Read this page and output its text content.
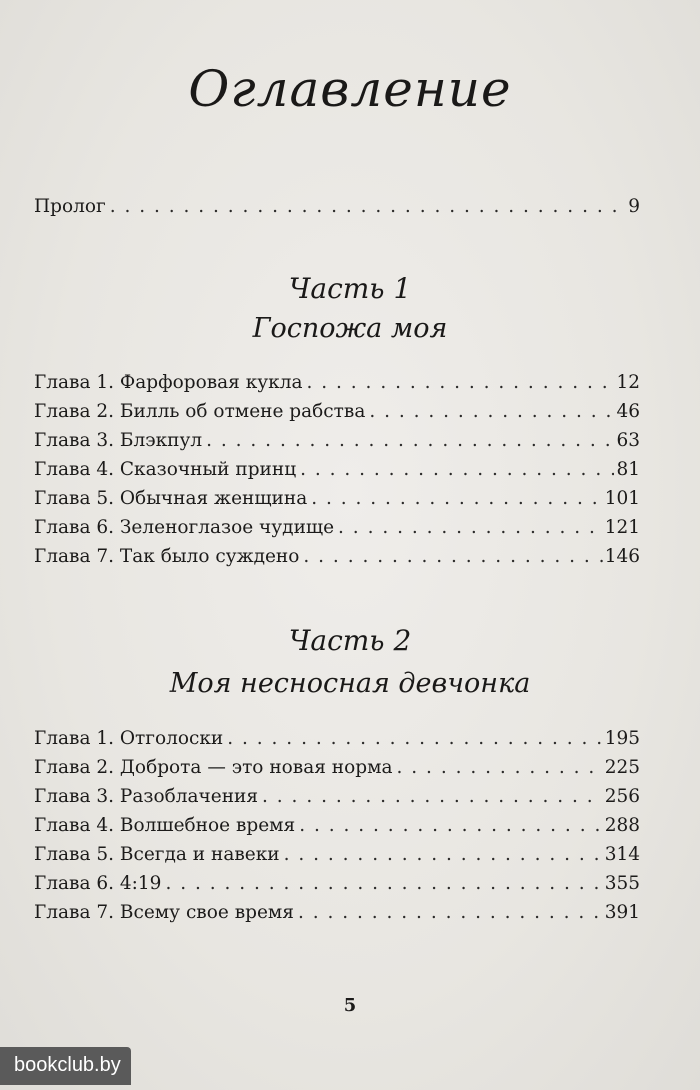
Оглавление
Пролог . . .	9
Часть 1
Госпожа моя
Глава 1. Фарфоровая кукла . . .	12
Глава 2. Билль об отмене рабства . . .	46
Глава 3. Блэкпул . . .	63
Глава 4. Сказочный принц . . .	81
Глава 5. Обычная женщина . . .	101
Глава 6. Зеленоглазое чудище . . .	121
Глава 7. Так было суждено . . .	146
Часть 2
Моя несносная девчонка
Глава 1. Отголоски . . .	195
Глава 2. Доброта — это новая норма . . .	225
Глава 3. Разоблачения . . .	256
Глава 4. Волшебное время . . .	288
Глава 5. Всегда и навеки . . .	314
Глава 6. 4:19 . . .	355
Глава 7. Всему свое время . . .	391
5
bookclub.by
